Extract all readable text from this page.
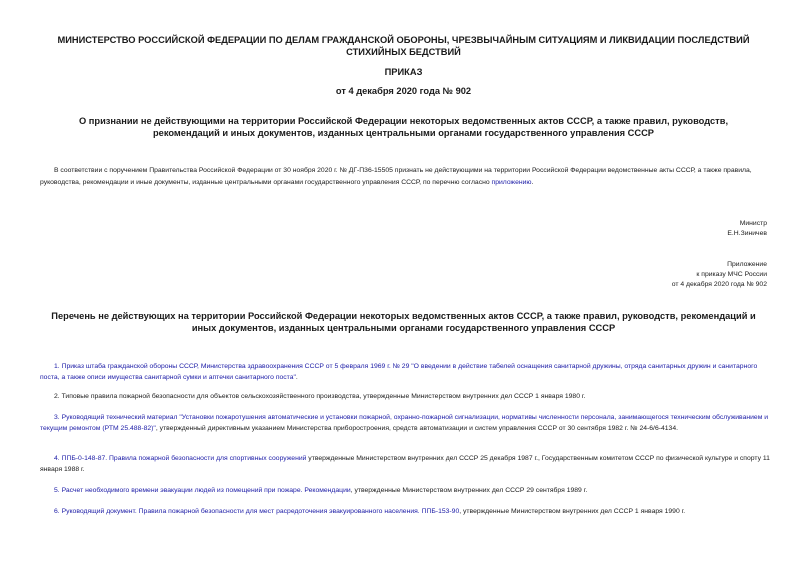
МИНИСТЕРСТВО РОССИЙСКОЙ ФЕДЕРАЦИИ ПО ДЕЛАМ ГРАЖДАНСКОЙ ОБОРОНЫ, ЧРЕЗВЫЧАЙНЫМ СИТУАЦИЯМ И ЛИКВИДАЦИИ ПОСЛЕДСТВИЙ СТИХИЙНЫХ БЕДСТВИЙ
ПРИКАЗ
от 4 декабря 2020 года № 902
О признании не действующими на территории Российской Федерации некоторых ведомственных актов СССР, а также правил, руководств, рекомендаций и иных документов, изданных центральными органами государственного управления СССР

В соответствии с поручением Правительства Российской Федерации от 30 ноября 2020 г. № ДГ-П36-15505 признать не действующими на территории Российской Федерации ведомственные акты СССР, а также правила, руководства, рекомендации и иные документы, изданные центральными органами государственного управления СССР, по перечню согласно приложению.

Министр
Е.Н.Зиничев
Приложение
к приказу МЧС России
от 4 декабря 2020 года № 902
Перечень не действующих на территории Российской Федерации некоторых ведомственных актов СССР, а также правил, руководств, рекомендаций и иных документов, изданных центральными органами государственного управления СССР

1. Приказ штаба гражданской обороны СССР, Министерства здравоохранения СССР от 5 февраля 1969 г. № 29 "О введении в действие табелей оснащения санитарной дружины, отряда санитарных дружин и санитарного поста, а также описи имущества санитарной сумки и аптечки санитарного поста".

2. Типовые правила пожарной безопасности для объектов сельскохозяйственного производства, утвержденные Министерством внутренних дел СССР 1 января 1980 г.

3. Руководящий технический материал "Установки пожаротушения автоматические и установки пожарной, охранно-пожарной сигнализации, нормативы численности персонала, занимающегося техническим обслуживанием и текущим ремонтом (РТМ 25.488-82)", утвержденный директивным указанием Министерства приборостроения, средств автоматизации и систем управления СССР от 30 сентября 1982 г. № 24-6/6-4134.

4. ППБ-0-148-87. Правила пожарной безопасности для спортивных сооружений утвержденные Министерством внутренних дел СССР 25 декабря 1987 г., Государственным комитетом СССР по физической культуре и спорту 11 января 1988 г.

5. Расчет необходимого времени эвакуации людей из помещений при пожаре. Рекомендации, утвержденные Министерством внутренних дел СССР 29 сентября 1989 г.

6. Руководящий документ. Правила пожарной безопасности для мест расредоточения эвакуированного населения. ППБ-153-90, утвержденные Министерством внутренних дел СССР 1 января 1990 г.
